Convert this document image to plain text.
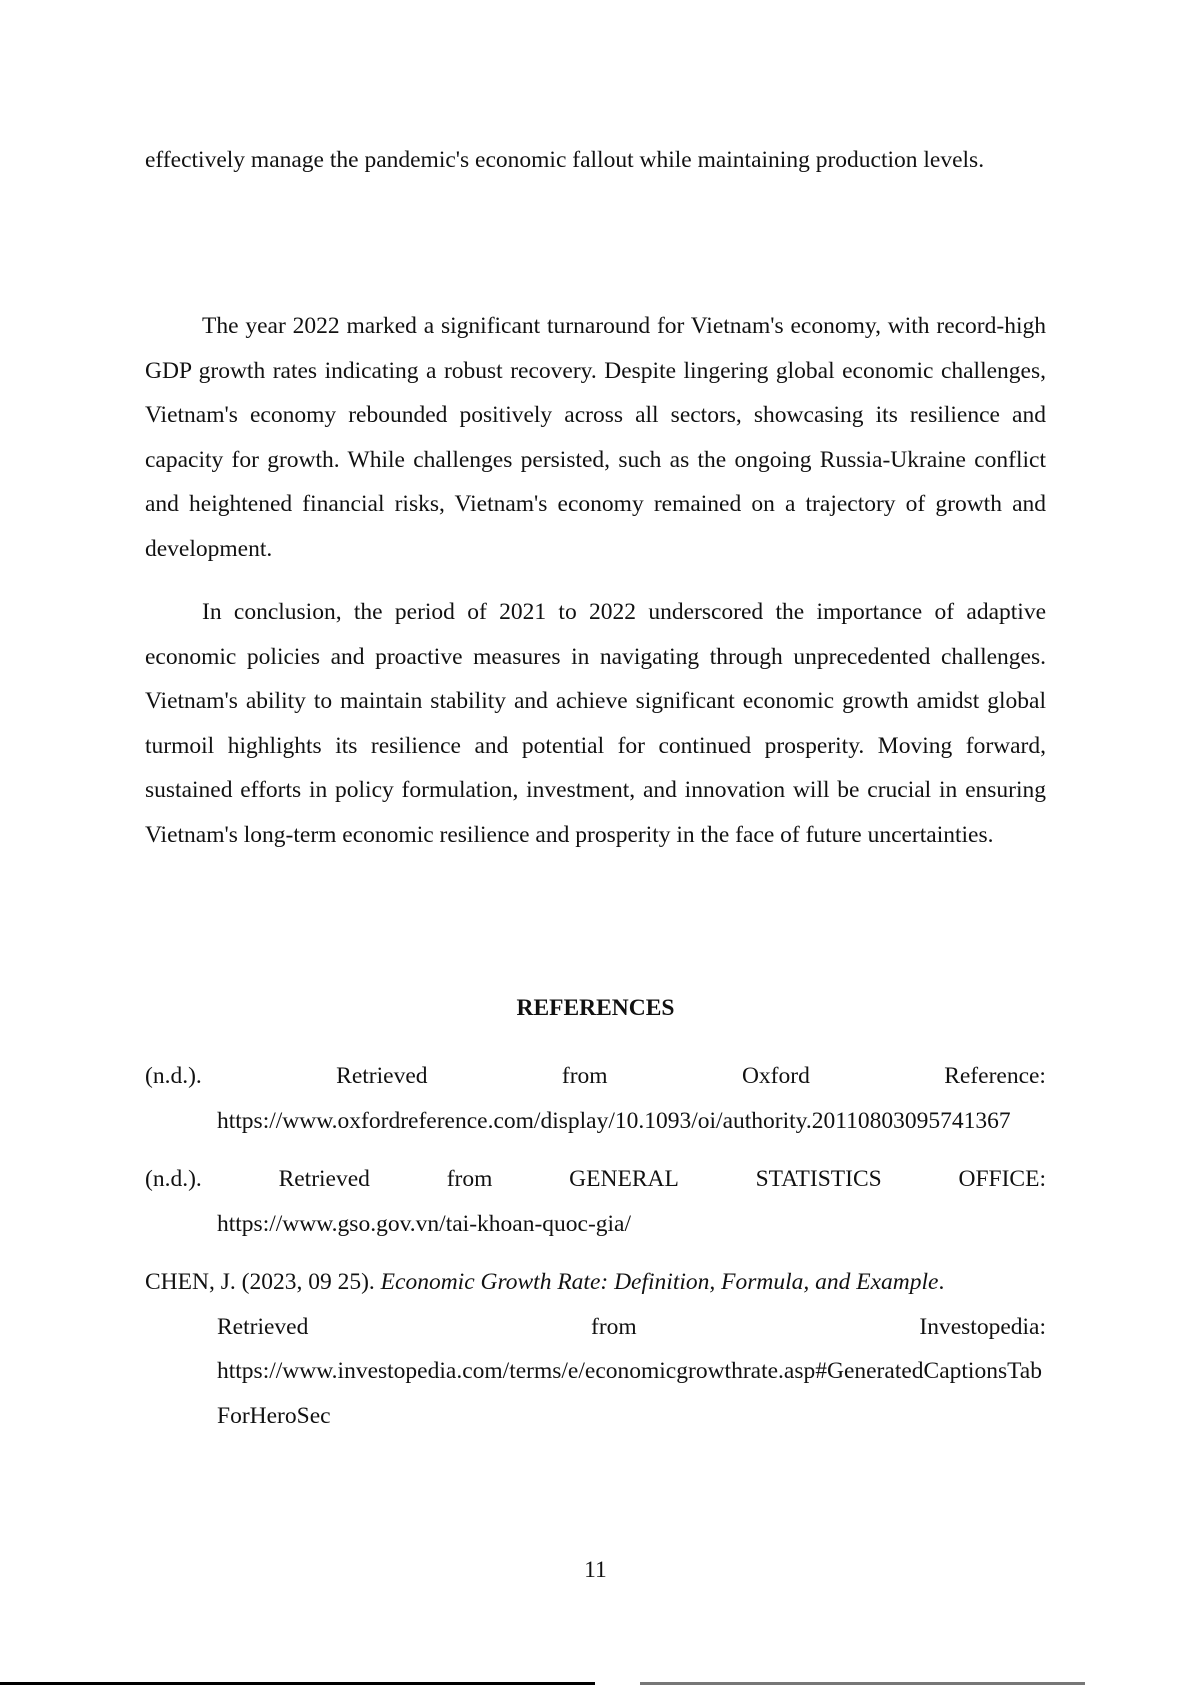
effectively manage the pandemic's economic fallout while maintaining production levels.

The year 2022 marked a significant turnaround for Vietnam's economy, with record-high GDP growth rates indicating a robust recovery. Despite lingering global economic challenges, Vietnam's economy rebounded positively across all sectors, showcasing its resilience and capacity for growth. While challenges persisted, such as the ongoing Russia-Ukraine conflict and heightened financial risks, Vietnam's economy remained on a trajectory of growth and development.

In conclusion, the period of 2021 to 2022 underscored the importance of adaptive economic policies and proactive measures in navigating through unprecedented challenges. Vietnam's ability to maintain stability and achieve significant economic growth amidst global turmoil highlights its resilience and potential for continued prosperity. Moving forward, sustained efforts in policy formulation, investment, and innovation will be crucial in ensuring Vietnam's long-term economic resilience and prosperity in the face of future uncertainties.

REFERENCES
(n.d.).	Retrieved	from	Oxford	Reference:
https://www.oxfordreference.com/display/10.1093/oi/authority.20110803095741367
(n.d.).	Retrieved	from	GENERAL	STATISTICS	OFFICE:
https://www.gso.gov.vn/tai-khoan-quoc-gia/
CHEN, J. (2023, 09 25). Economic Growth Rate: Definition, Formula, and Example.
Retrieved	from	Investopedia:
https://www.investopedia.com/terms/e/economicgrowthrate.asp#GeneratedCaptionsTabForHeroSec
11
